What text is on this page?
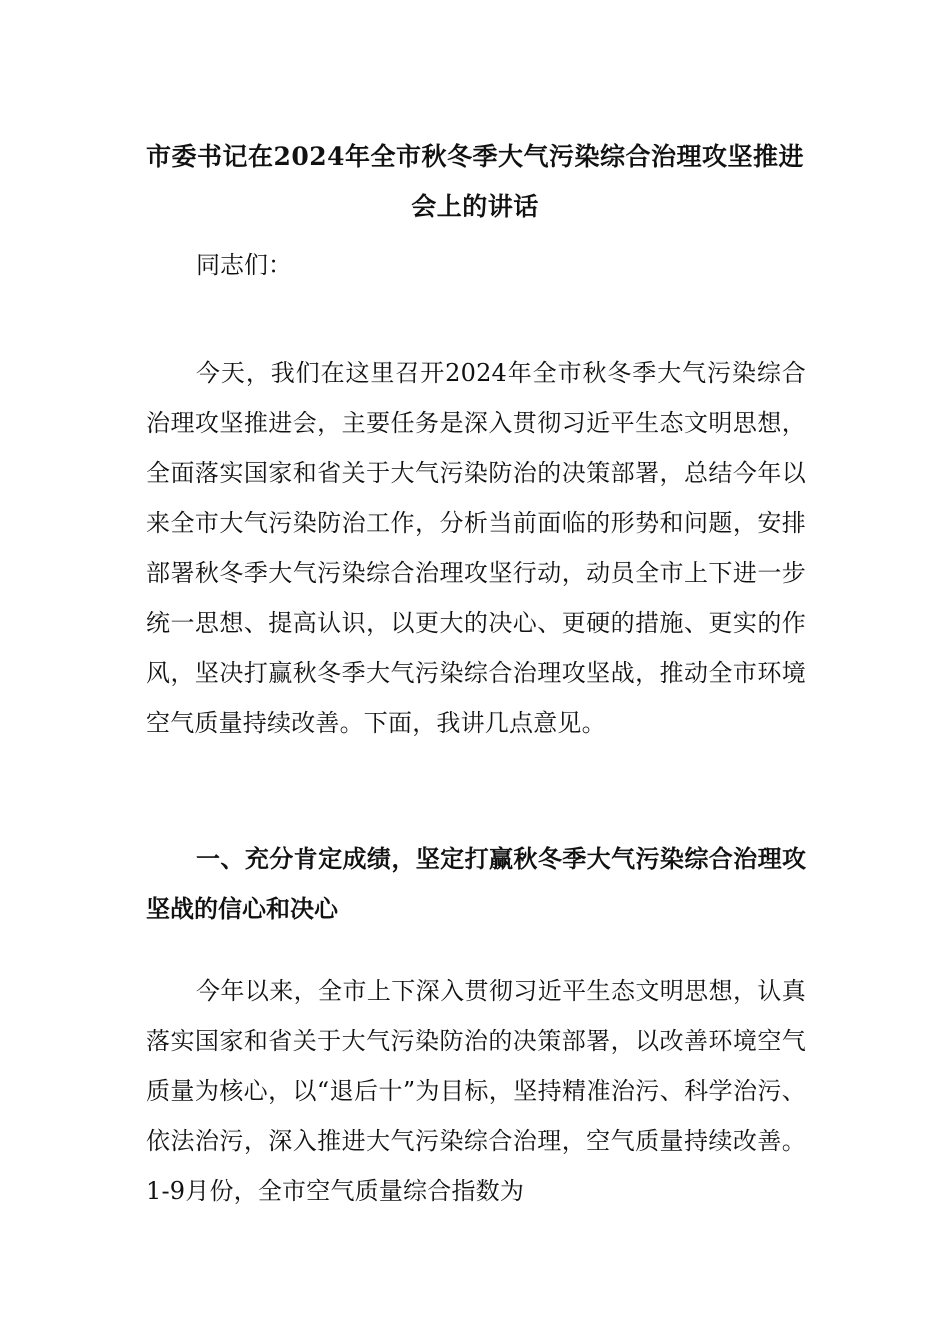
市委书记在2024年全市秋冬季大气污染综合治理攻坚推进会上的讲话
同志们：
今天，我们在这里召开2024年全市秋冬季大气污染综合治理攻坚推进会，主要任务是深入贯彻习近平生态文明思想，全面落实国家和省关于大气污染防治的决策部署，总结今年以来全市大气污染防治工作，分析当前面临的形势和问题，安排部署秋冬季大气污染综合治理攻坚行动，动员全市上下进一步统一思想、提高认识，以更大的决心、更硬的措施、更实的作风，坚决打赢秋冬季大气污染综合治理攻坚战，推动全市环境空气质量持续改善。下面，我讲几点意见。
一、充分肯定成绩，坚定打赢秋冬季大气污染综合治理攻坚战的信心和决心
今年以来，全市上下深入贯彻习近平生态文明思想，认真落实国家和省关于大气污染防治的决策部署，以改善环境空气质量为核心，以“退后十”为目标，坚持精准治污、科学治污、依法治污，深入推进大气污染综合治理，空气质量持续改善。1-9月份，全市空气质量综合指数为
